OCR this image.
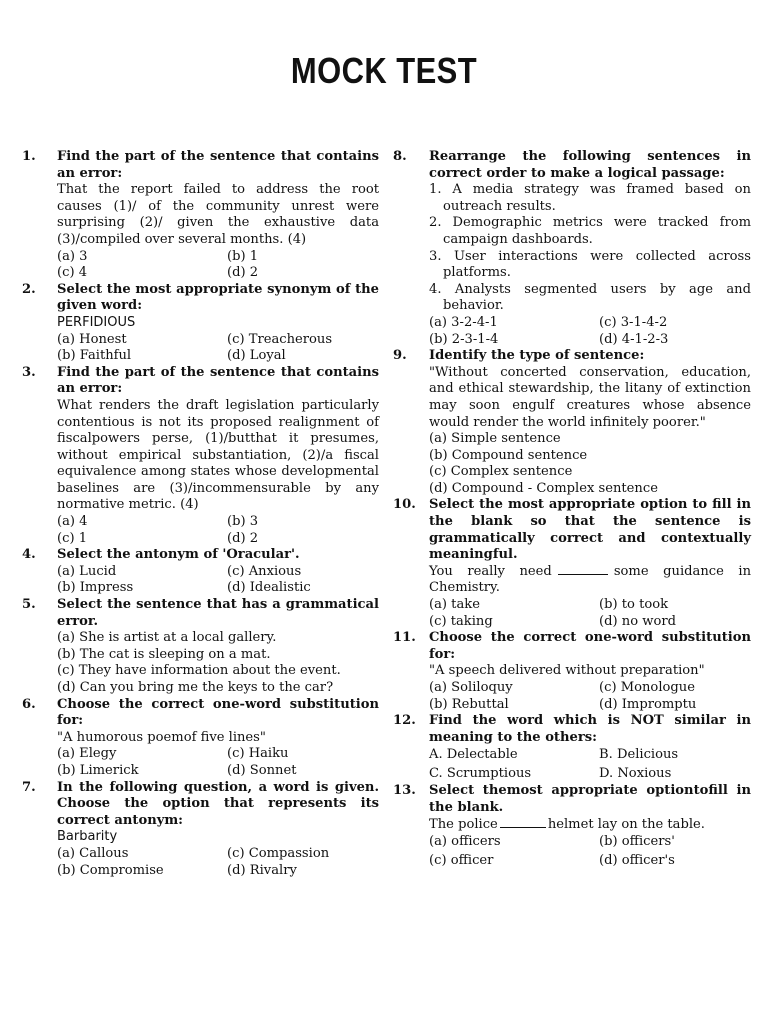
MOCK TEST
1.	Find the part of the sentence that contains an error:
That the report failed to address the root causes (1)/ of the community unrest were surprising (2)/ given the exhaustive data (3)/compiled over several months. (4)
(a) 3	(b) 1
(c) 4	(d) 2
2.	Select the most appropriate synonym of the given word:
PERFIDIOUS
(a) Honest	(c) Treacherous
(b) Faithful	(d) Loyal
3.	Find the part of the sentence that contains an error:
What renders the draft legislation particularly contentious is not its proposed realignment of fiscalpowers perse, (1)/butthat it presumes, without empirical substantiation, (2)/a fiscal equivalence among states whose developmental baselines are (3)/incommensurable by any normative metric. (4)
(a) 4	(b) 3
(c) 1	(d) 2
4.	Select the antonym of 'Oracular'.
(a) Lucid	(c) Anxious
(b) Impress	(d) Idealistic
5.	Select the sentence that has a grammatical error.
(a) She is artist at a local gallery.
(b) The cat is sleeping on a mat.
(c) They have information about the event.
(d) Can you bring me the keys to the car?
6.	Choose the correct one-word substitution for:
"A humorous poemof five lines"
(a) Elegy	(c) Haiku
(b) Limerick	(d) Sonnet
7.	In the following question, a word is given. Choose the option that represents its correct antonym:
Barbarity
(a) Callous	(c) Compassion
(b) Compromise	(d) Rivalry
8.	Rearrange the following sentences in correct order to make a logical passage:
1. A media strategy was framed based on outreach results.
2. Demographic metrics were tracked from campaign dashboards.
3. User interactions were collected across platforms.
4. Analysts segmented users by age and behavior.
(a) 3-2-4-1	(c) 3-1-4-2
(b) 2-3-1-4	(d) 4-1-2-3
9.	Identify the type of sentence:
"Without concerted conservation, education, and ethical stewardship, the litany of extinction may soon engulf creatures whose absence would render the world infinitely poorer."
(a) Simple sentence
(b) Compound sentence
(c) Complex sentence
(d) Compound - Complex sentence
10.	Select the most appropriate option to fill in the blank so that the sentence is grammatically correct and contextually meaningful.
You really need	some guidance in Chemistry.
(a) take	(b) to took
(c) taking	(d) no word
11.	Choose the correct one-word substitution for:
"A speech delivered without preparation"
(a) Soliloquy	(c) Monologue
(b) Rebuttal	(d) Impromptu
12.	Find the word which is NOT similar in meaning to the others:
A. Delectable	B. Delicious
C. Scrumptious	D. Noxious
13.	Select themost appropriate optiontofill in the blank.
The police	helmet lay on the table.
(a) officers	(b) officers'
(c) officer	(d) officer's
